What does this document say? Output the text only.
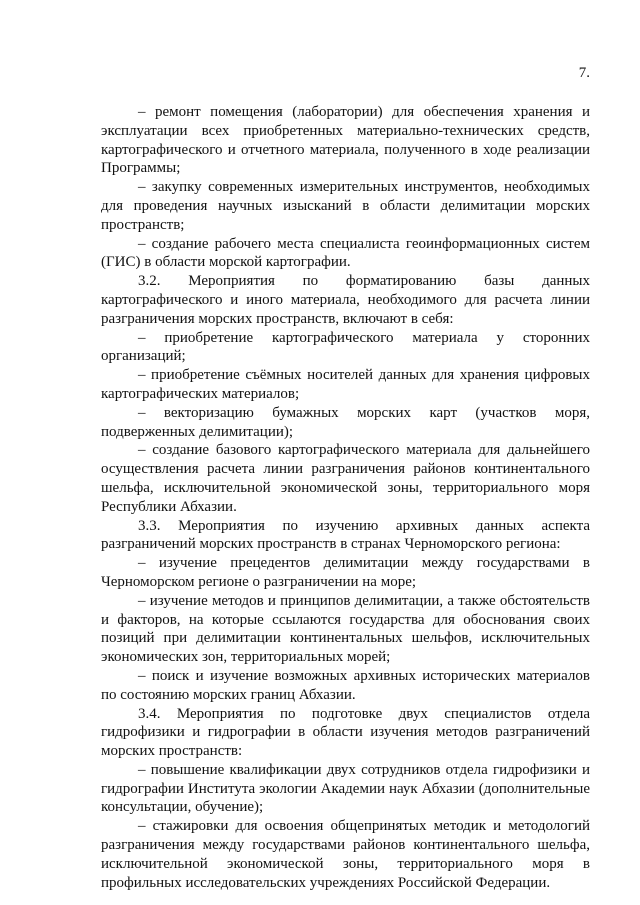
7.

– ремонт помещения (лаборатории) для обеспечения хранения и эксплуатации всех приобретенных материально-технических средств, картографического и отчетного материала, полученного в ходе реализации Программы;

– закупку современных измерительных инструментов, необходимых для проведения научных изысканий в области делимитации морских пространств;

– создание рабочего места специалиста геоинформационных систем (ГИС) в области морской картографии.

3.2. Мероприятия по форматированию базы данных картографического и иного материала, необходимого для расчета линии разграничения морских пространств, включают в себя:

– приобретение картографического материала у сторонних организаций;

– приобретение съёмных носителей данных для хранения цифровых картографических материалов;

– векторизацию бумажных морских карт (участков моря, подверженных делимитации);

– создание базового картографического материала для дальнейшего осуществления расчета линии разграничения районов континентального шельфа, исключительной экономической зоны, территориального моря Республики Абхазии.

3.3. Мероприятия по изучению архивных данных аспекта разграничений морских пространств в странах Черноморского региона:

– изучение прецедентов делимитации между государствами в Черноморском регионе о разграничении на море;

– изучение методов и принципов делимитации, а также обстоятельств и факторов, на которые ссылаются государства для обоснования своих позиций при делимитации континентальных шельфов, исключительных экономических зон, территориальных морей;

– поиск и изучение возможных архивных исторических материалов по состоянию морских границ Абхазии.

3.4. Мероприятия по подготовке двух специалистов отдела гидрофизики и гидрографии в области изучения методов разграничений морских пространств:

– повышение квалификации двух сотрудников отдела гидрофизики и гидрографии Института экологии Академии наук Абхазии (дополнительные консультации, обучение);

– стажировки для освоения общепринятых методик и методологий разграничения между государствами районов континентального шельфа, исключительной экономической зоны, территориального моря в профильных исследовательских учреждениях Российской Федерации.
